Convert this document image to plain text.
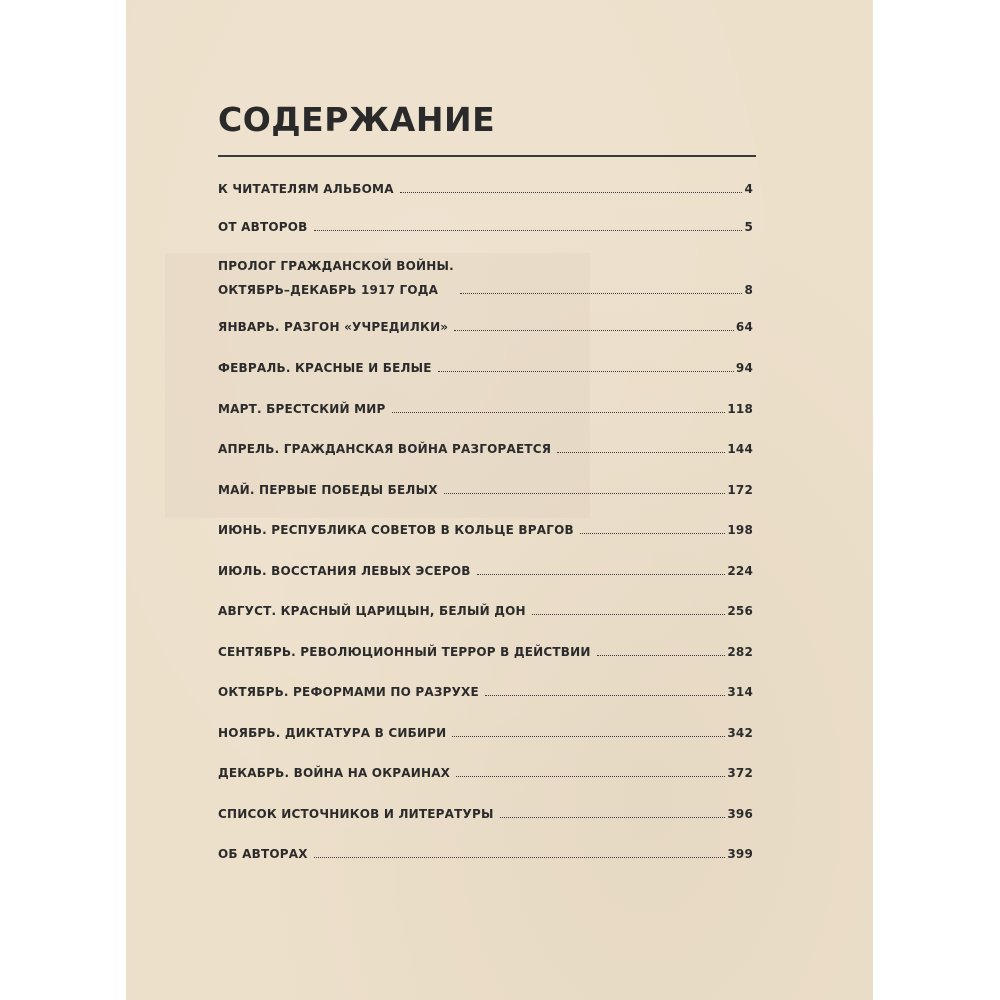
СОДЕРЖАНИЕ
К ЧИТАТЕЛЯМ АЛЬБОМА	4
ОТ АВТОРОВ	5
ПРОЛОГ ГРАЖДАНСКОЙ ВОЙНЫ.
ОКТЯБРЬ–ДЕКАБРЬ 1917 ГОДА	8
ЯНВАРЬ. РАЗГОН «УЧРЕДИЛКИ»	64
ФЕВРАЛЬ. КРАСНЫЕ И БЕЛЫЕ	94
МАРТ. БРЕСТСКИЙ МИР	118
АПРЕЛЬ. ГРАЖДАНСКАЯ ВОЙНА РАЗГОРАЕТСЯ	144
МАЙ. ПЕРВЫЕ ПОБЕДЫ БЕЛЫХ	172
ИЮНЬ. РЕСПУБЛИКА СОВЕТОВ В КОЛЬЦЕ ВРАГОВ	198
ИЮЛЬ. ВОССТАНИЯ ЛЕВЫХ ЭСЕРОВ	224
АВГУСТ. КРАСНЫЙ ЦАРИЦЫН, БЕЛЫЙ ДОН	256
СЕНТЯБРЬ. РЕВОЛЮЦИОННЫЙ ТЕРРОР В ДЕЙСТВИИ	282
ОКТЯБРЬ. РЕФОРМАМИ ПО РАЗРУХЕ	314
НОЯБРЬ. ДИКТАТУРА В СИБИРИ	342
ДЕКАБРЬ. ВОЙНА НА ОКРАИНАХ	372
СПИСОК ИСТОЧНИКОВ И ЛИТЕРАТУРЫ	396
ОБ АВТОРАХ	399
